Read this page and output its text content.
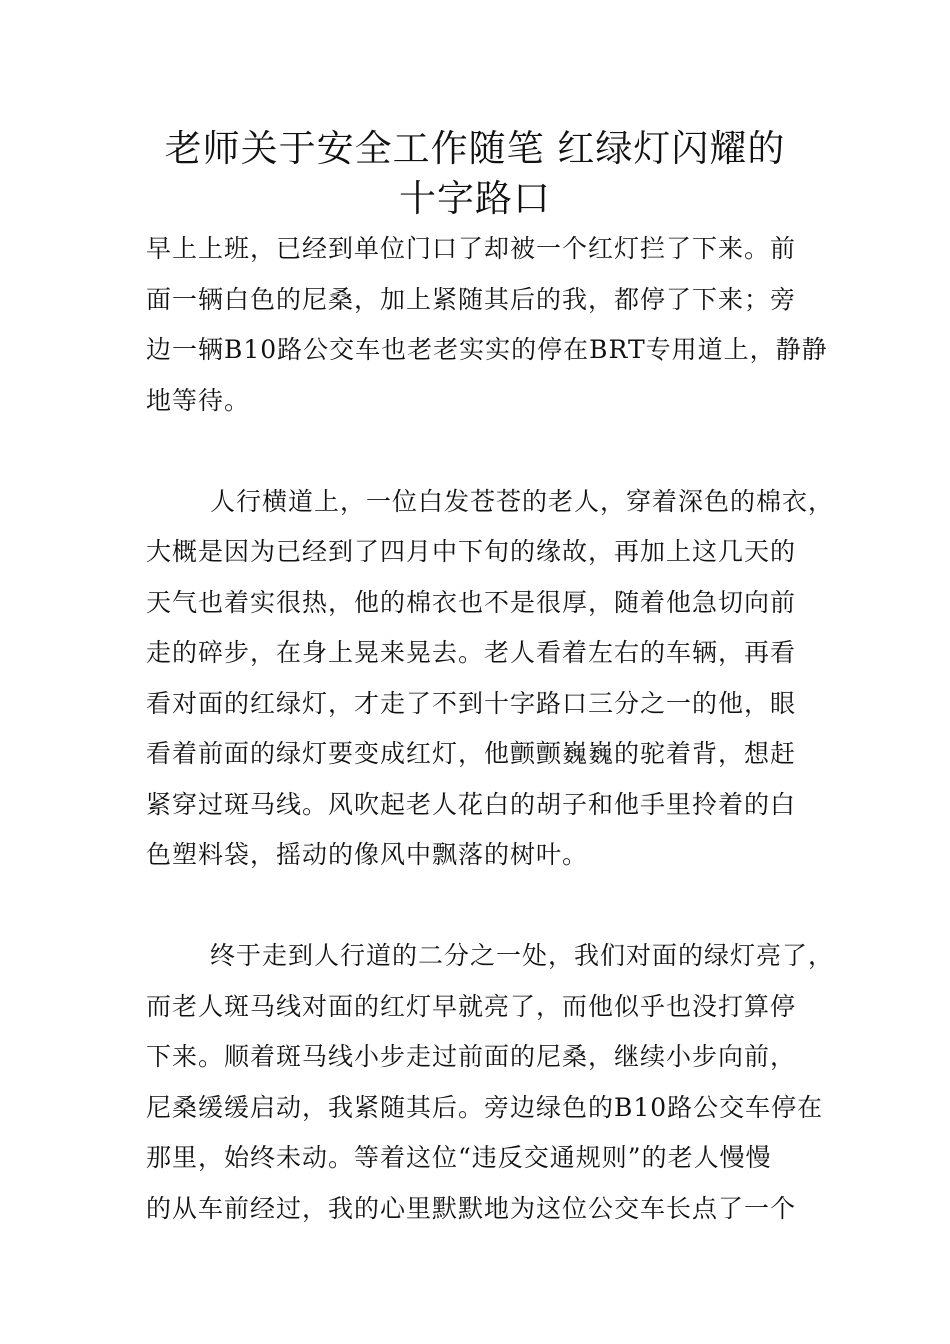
老师关于安全工作随笔 红绿灯闪耀的
十字路口
早上上班，已经到单位门口了却被一个红灯拦了下来。前
面一辆白色的尼桑，加上紧随其后的我，都停了下来；旁
边一辆B10路公交车也老老实实的停在BRT专用道上，静静
地等待。
人行横道上，一位白发苍苍的老人，穿着深色的棉衣，
大概是因为已经到了四月中下旬的缘故，再加上这几天的
天气也着实很热，他的棉衣也不是很厚，随着他急切向前
走的碎步，在身上晃来晃去。老人看着左右的车辆，再看
看对面的红绿灯，才走了不到十字路口三分之一的他，眼
看着前面的绿灯要变成红灯，他颤颤巍巍的驼着背，想赶
紧穿过斑马线。风吹起老人花白的胡子和他手里拎着的白
色塑料袋，摇动的像风中飘落的树叶。
终于走到人行道的二分之一处，我们对面的绿灯亮了，
而老人斑马线对面的红灯早就亮了，而他似乎也没打算停
下来。顺着斑马线小步走过前面的尼桑，继续小步向前，
尼桑缓缓启动，我紧随其后。旁边绿色的B10路公交车停在
那里，始终未动。等着这位“违反交通规则”的老人慢慢
的从车前经过，我的心里默默地为这位公交车长点了一个
